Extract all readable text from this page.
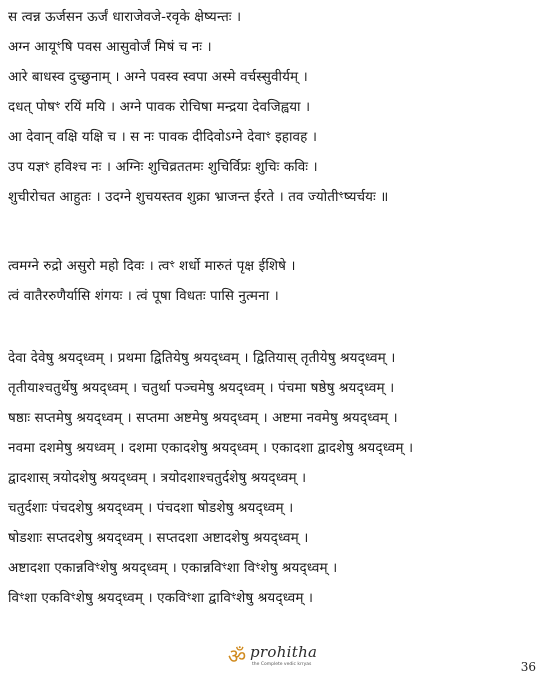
स त्वन्न ऊर्जसन ऊर्जं धाराजेवजे-रवृके क्षेष्यन्तः ।
अग्न आयूꣳषि पवस आसुवोर्जं मिषं च नः ।
आरे बाधस्व दुच्छुनाम् । अग्ने पवस्व स्वपा अस्मे वर्चस्सुवीर्यम् ।
दधत् पोषꣳ रयिं मयि । अग्ने पावक रोचिषा मन्द्रया देवजिह्वया ।
आ देवान् वक्षि यक्षि च । स नः पावक दीदिवोऽग्ने देवाꣳ इहावह ।
उप यज्ञꣳ हविश्च नः । अग्निः शुचिव्रततमः शुचिर्विप्रः शुचिः कविः ।
शुचीरोचत आहुतः । उदग्ने शुचयस्तव शुक्रा भ्राजन्त ईरते । तव ज्योतीꣳष्यर्चयः ॥
त्वमग्ने रुद्रो असुरो महो दिवः । त्वꣳ शर्धो मारुतं पृक्ष ईशिषे ।
त्वं वातैररुणैर्यासि शंगयः । त्वं पूषा विधतः पासि नुत्मना ।
देवा देवेषु श्रयद्ध्वम् । प्रथमा द्वितियेषु श्रयद्ध्वम् । द्वितियास् तृतीयेषु श्रयद्ध्वम् ।
तृतीयाश्चतुर्थेषु श्रयद्ध्वम् । चतुर्था पञ्चमेषु श्रयद्ध्वम् । पंचमा षष्ठेषु श्रयद्ध्वम् ।
षष्ठाः सप्तमेषु श्रयद्ध्वम् । सप्तमा अष्टमेषु श्रयद्ध्वम् । अष्टमा नवमेषु श्रयद्ध्वम् ।
नवमा दशमेषु श्रयध्वम् । दशमा एकादशेषु श्रयद्ध्वम् । एकादशा द्वादशेषु श्रयद्ध्वम् ।
द्वादशास् त्रयोदशेषु श्रयद्ध्वम् । त्रयोदशाश्चतुर्दशेषु श्रयद्ध्वम् ।
चतुर्दशाः पंचदशेषु श्रयद्ध्वम् । पंचदशा षोडशेषु श्रयद्ध्वम् ।
षोडशाः सप्तदशेषु श्रयद्ध्वम् । सप्तदशा अष्टादशेषु श्रयद्ध्वम् ।
अष्टादशा एकान्नविꣳशेषु श्रयद्ध्वम् । एकान्नविꣳशा विꣳशेषु श्रयद्ध्वम् ।
विꣳशा एकविꣳशेषु श्रयद्ध्वम् । एकविꣳशा द्वाविꣳशेषु श्रयद्ध्वम् ।
ॐ prohitha
the Complete vedic krryas	36
